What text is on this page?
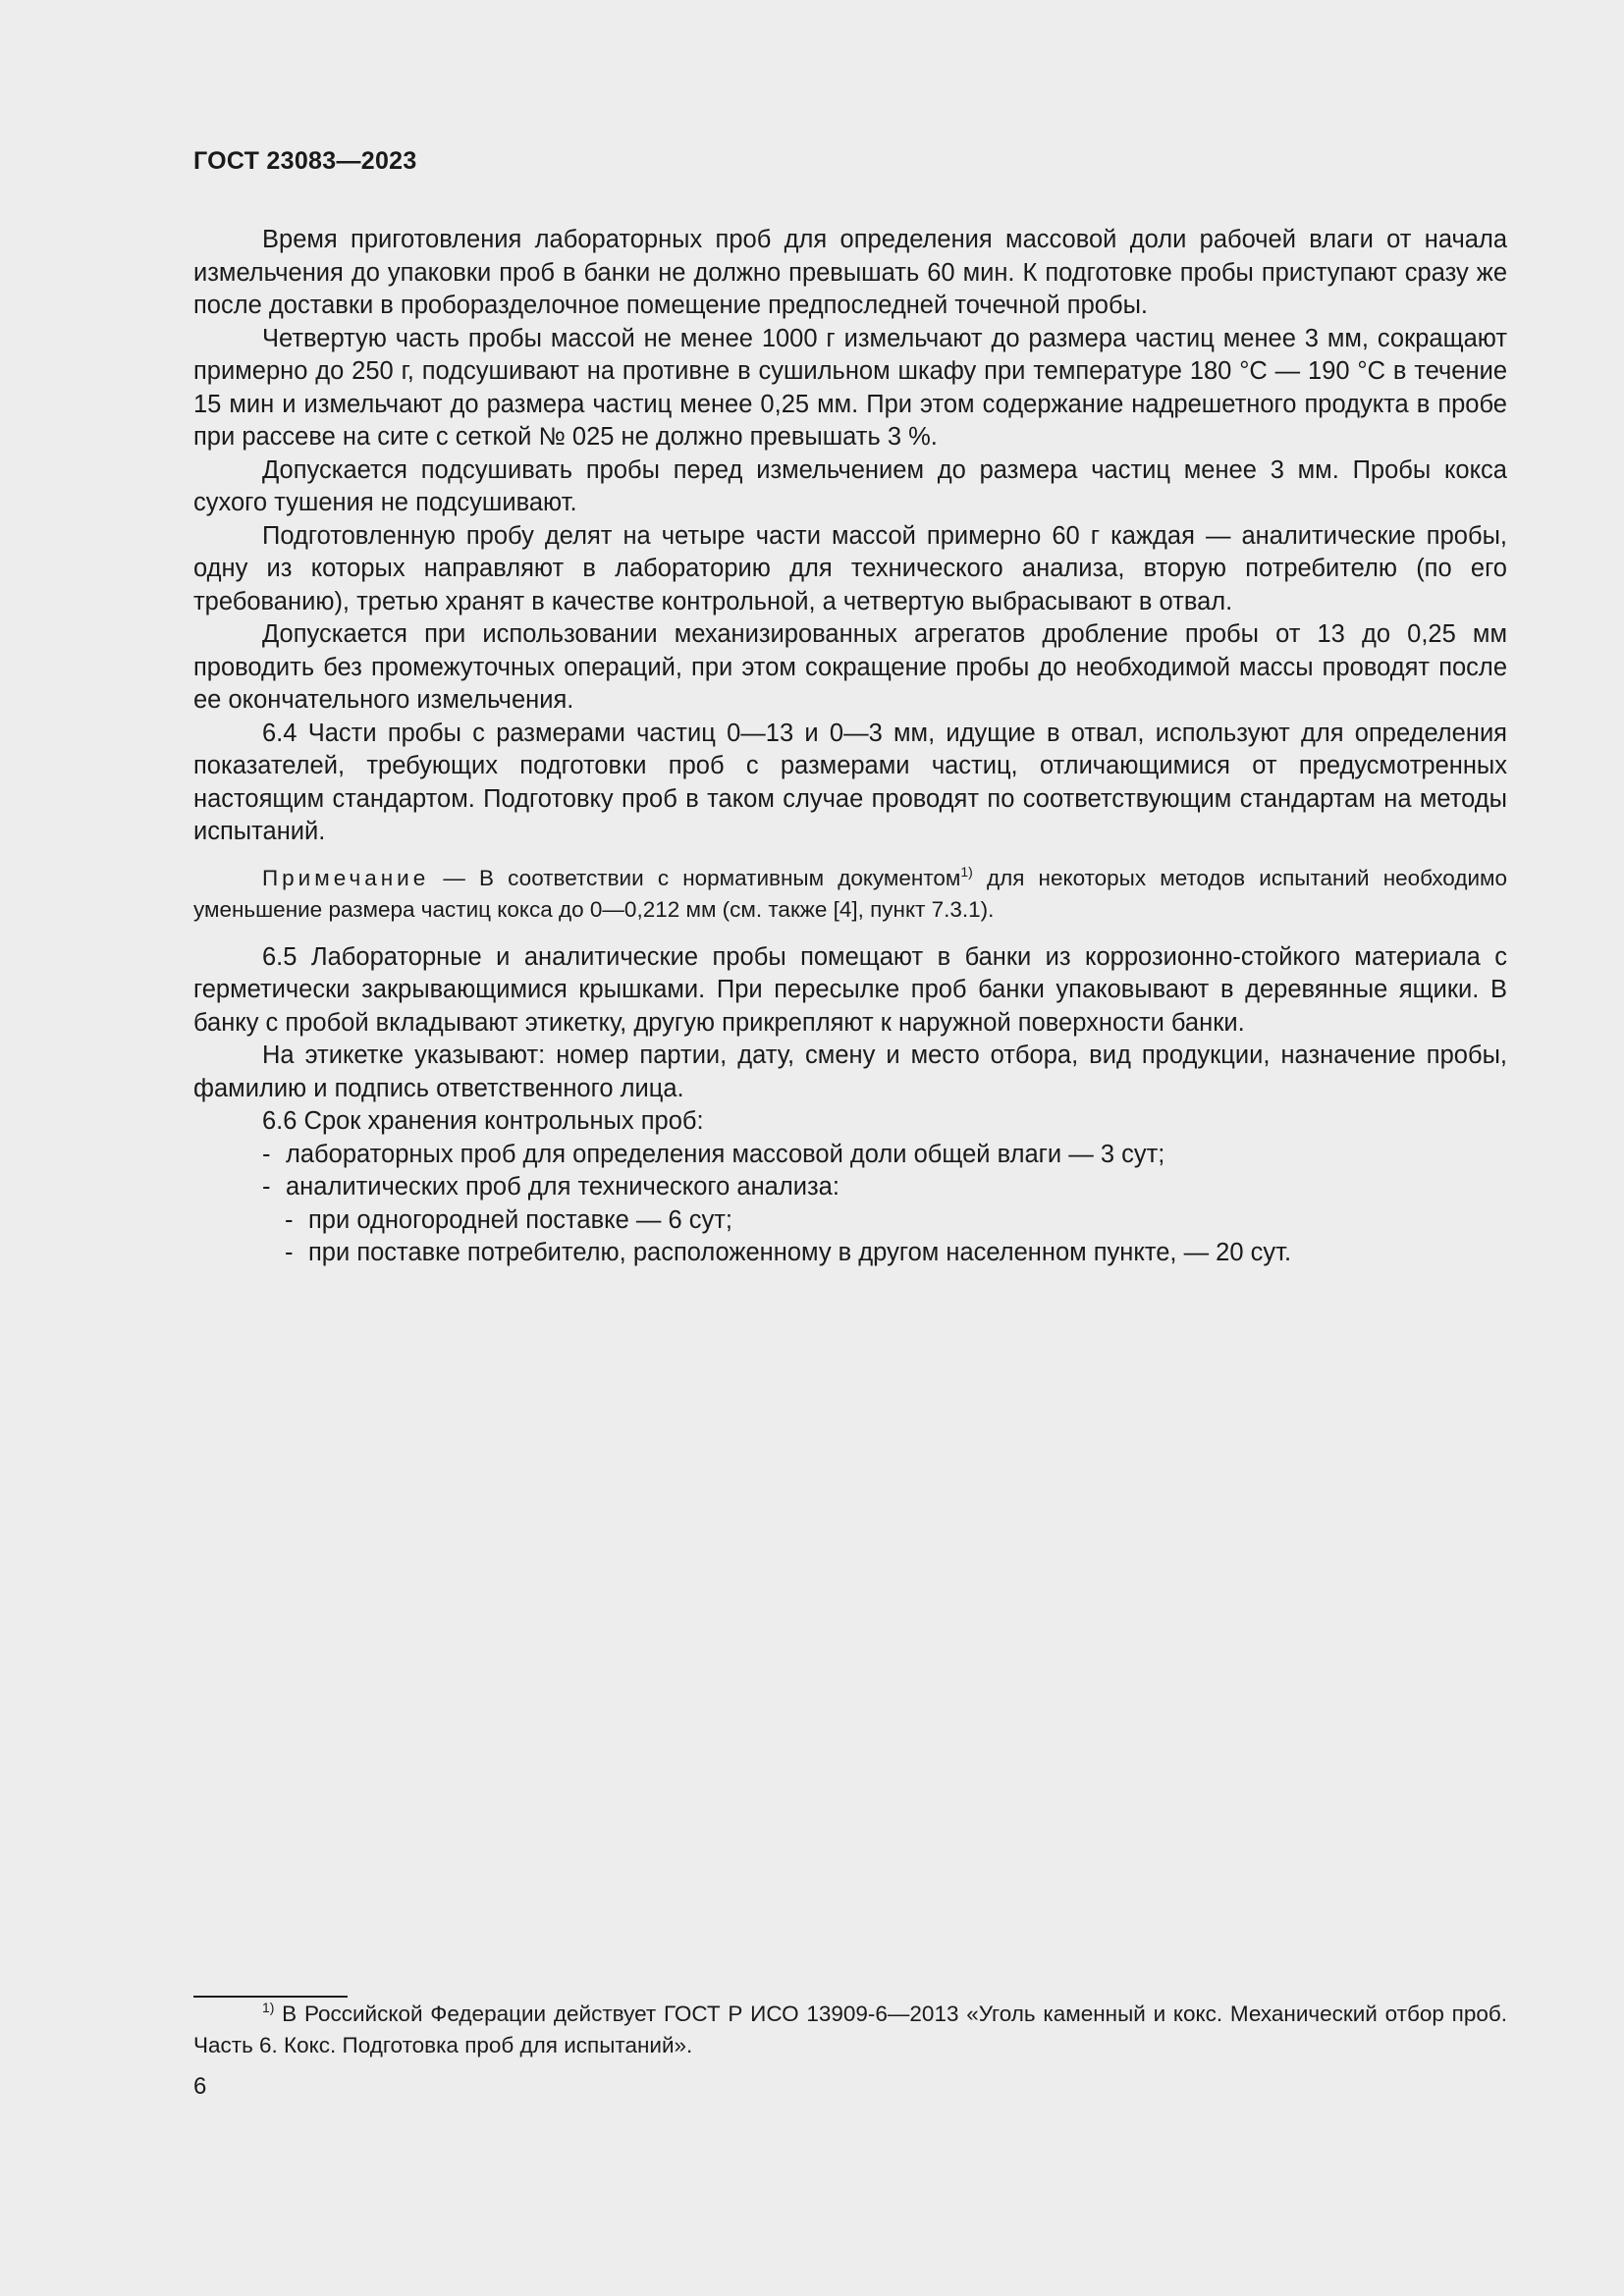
ГОСТ 23083—2023

Время приготовления лабораторных проб для определения массовой доли рабочей влаги от начала измельчения до упаковки проб в банки не должно превышать 60 мин. К подготовке пробы приступают сразу же после доставки в проборазделочное помещение предпоследней точечной пробы.

Четвертую часть пробы массой не менее 1000 г измельчают до размера частиц менее 3 мм, сокращают примерно до 250 г, подсушивают на противне в сушильном шкафу при температуре 180 °C — 190 °C в течение 15 мин и измельчают до размера частиц менее 0,25 мм. При этом содержание надрешетного продукта в пробе при рассеве на сите с сеткой № 025 не должно превышать 3 %.

Допускается подсушивать пробы перед измельчением до размера частиц менее 3 мм. Пробы кокса сухого тушения не подсушивают.

Подготовленную пробу делят на четыре части массой примерно 60 г каждая — аналитические пробы, одну из которых направляют в лабораторию для технического анализа, вторую потребителю (по его требованию), третью хранят в качестве контрольной, а четвертую выбрасывают в отвал.

Допускается при использовании механизированных агрегатов дробление пробы от 13 до 0,25 мм проводить без промежуточных операций, при этом сокращение пробы до необходимой массы проводят после ее окончательного измельчения.

6.4 Части пробы с размерами частиц 0—13 и 0—3 мм, идущие в отвал, используют для определения показателей, требующих подготовки проб с размерами частиц, отличающимися от предусмотренных настоящим стандартом. Подготовку проб в таком случае проводят по соответствующим стандартам на методы испытаний.

Примечание — В соответствии с нормативным документом$^{1)}$ для некоторых методов испытаний необходимо уменьшение размера частиц кокса до 0—0,212 мм (см. также [4], пункт 7.3.1).

6.5 Лабораторные и аналитические пробы помещают в банки из коррозионно-стойкого материала с герметически закрывающимися крышками. При пересылке проб банки упаковывают в деревянные ящики. В банку с пробой вкладывают этикетку, другую прикрепляют к наружной поверхности банки.

На этикетке указывают: номер партии, дату, смену и место отбора, вид продукции, назначение пробы, фамилию и подпись ответственного лица.

6.6 Срок хранения контрольных проб:

- лабораторных проб для определения массовой доли общей влаги — 3 сут;
- аналитических проб для технического анализа:
- при одногородней поставке — 6 сут;
- при поставке потребителю, расположенному в другом населенном пункте, — 20 сут.

$^{1)}$ В Российской Федерации действует ГОСТ Р ИСО 13909-6—2013 «Уголь каменный и кокс. Механический отбор проб. Часть 6. Кокс. Подготовка проб для испытаний».

6
